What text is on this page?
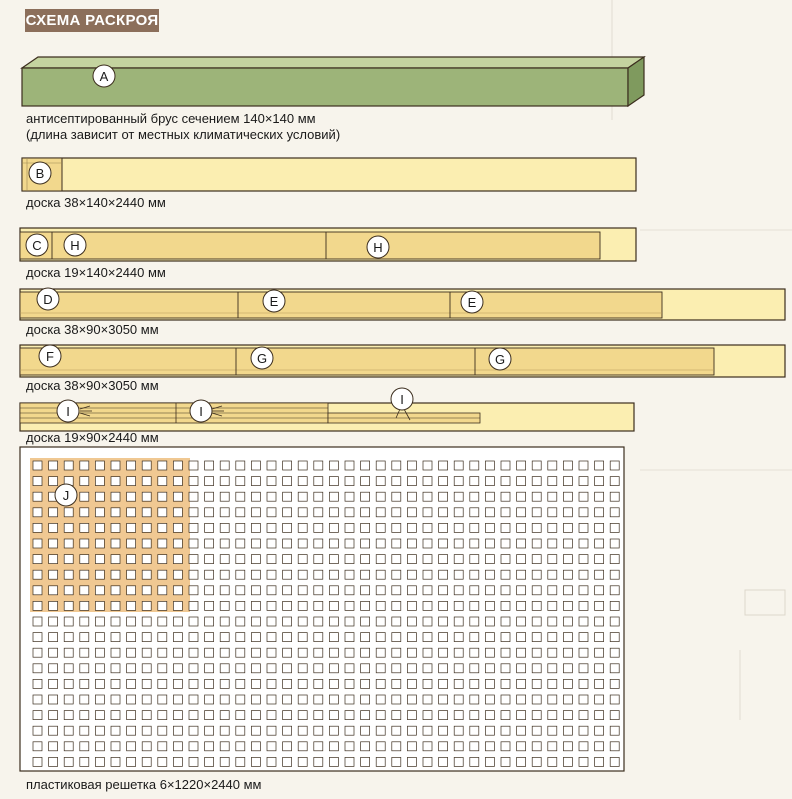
СХЕМА РАСКРОЯ
A
B
C H	H
D	E	E
F	G	G
I	I
I
J
антисептированный брус сечением 140×140 мм
(длина зависит от местных климатических условий)
доска 38×140×2440 мм
доска 19×140×2440 мм
доска 38×90×3050 мм
доска 38×90×3050 мм
доска 19×90×2440 мм
пластиковая решетка 6×1220×2440 мм
